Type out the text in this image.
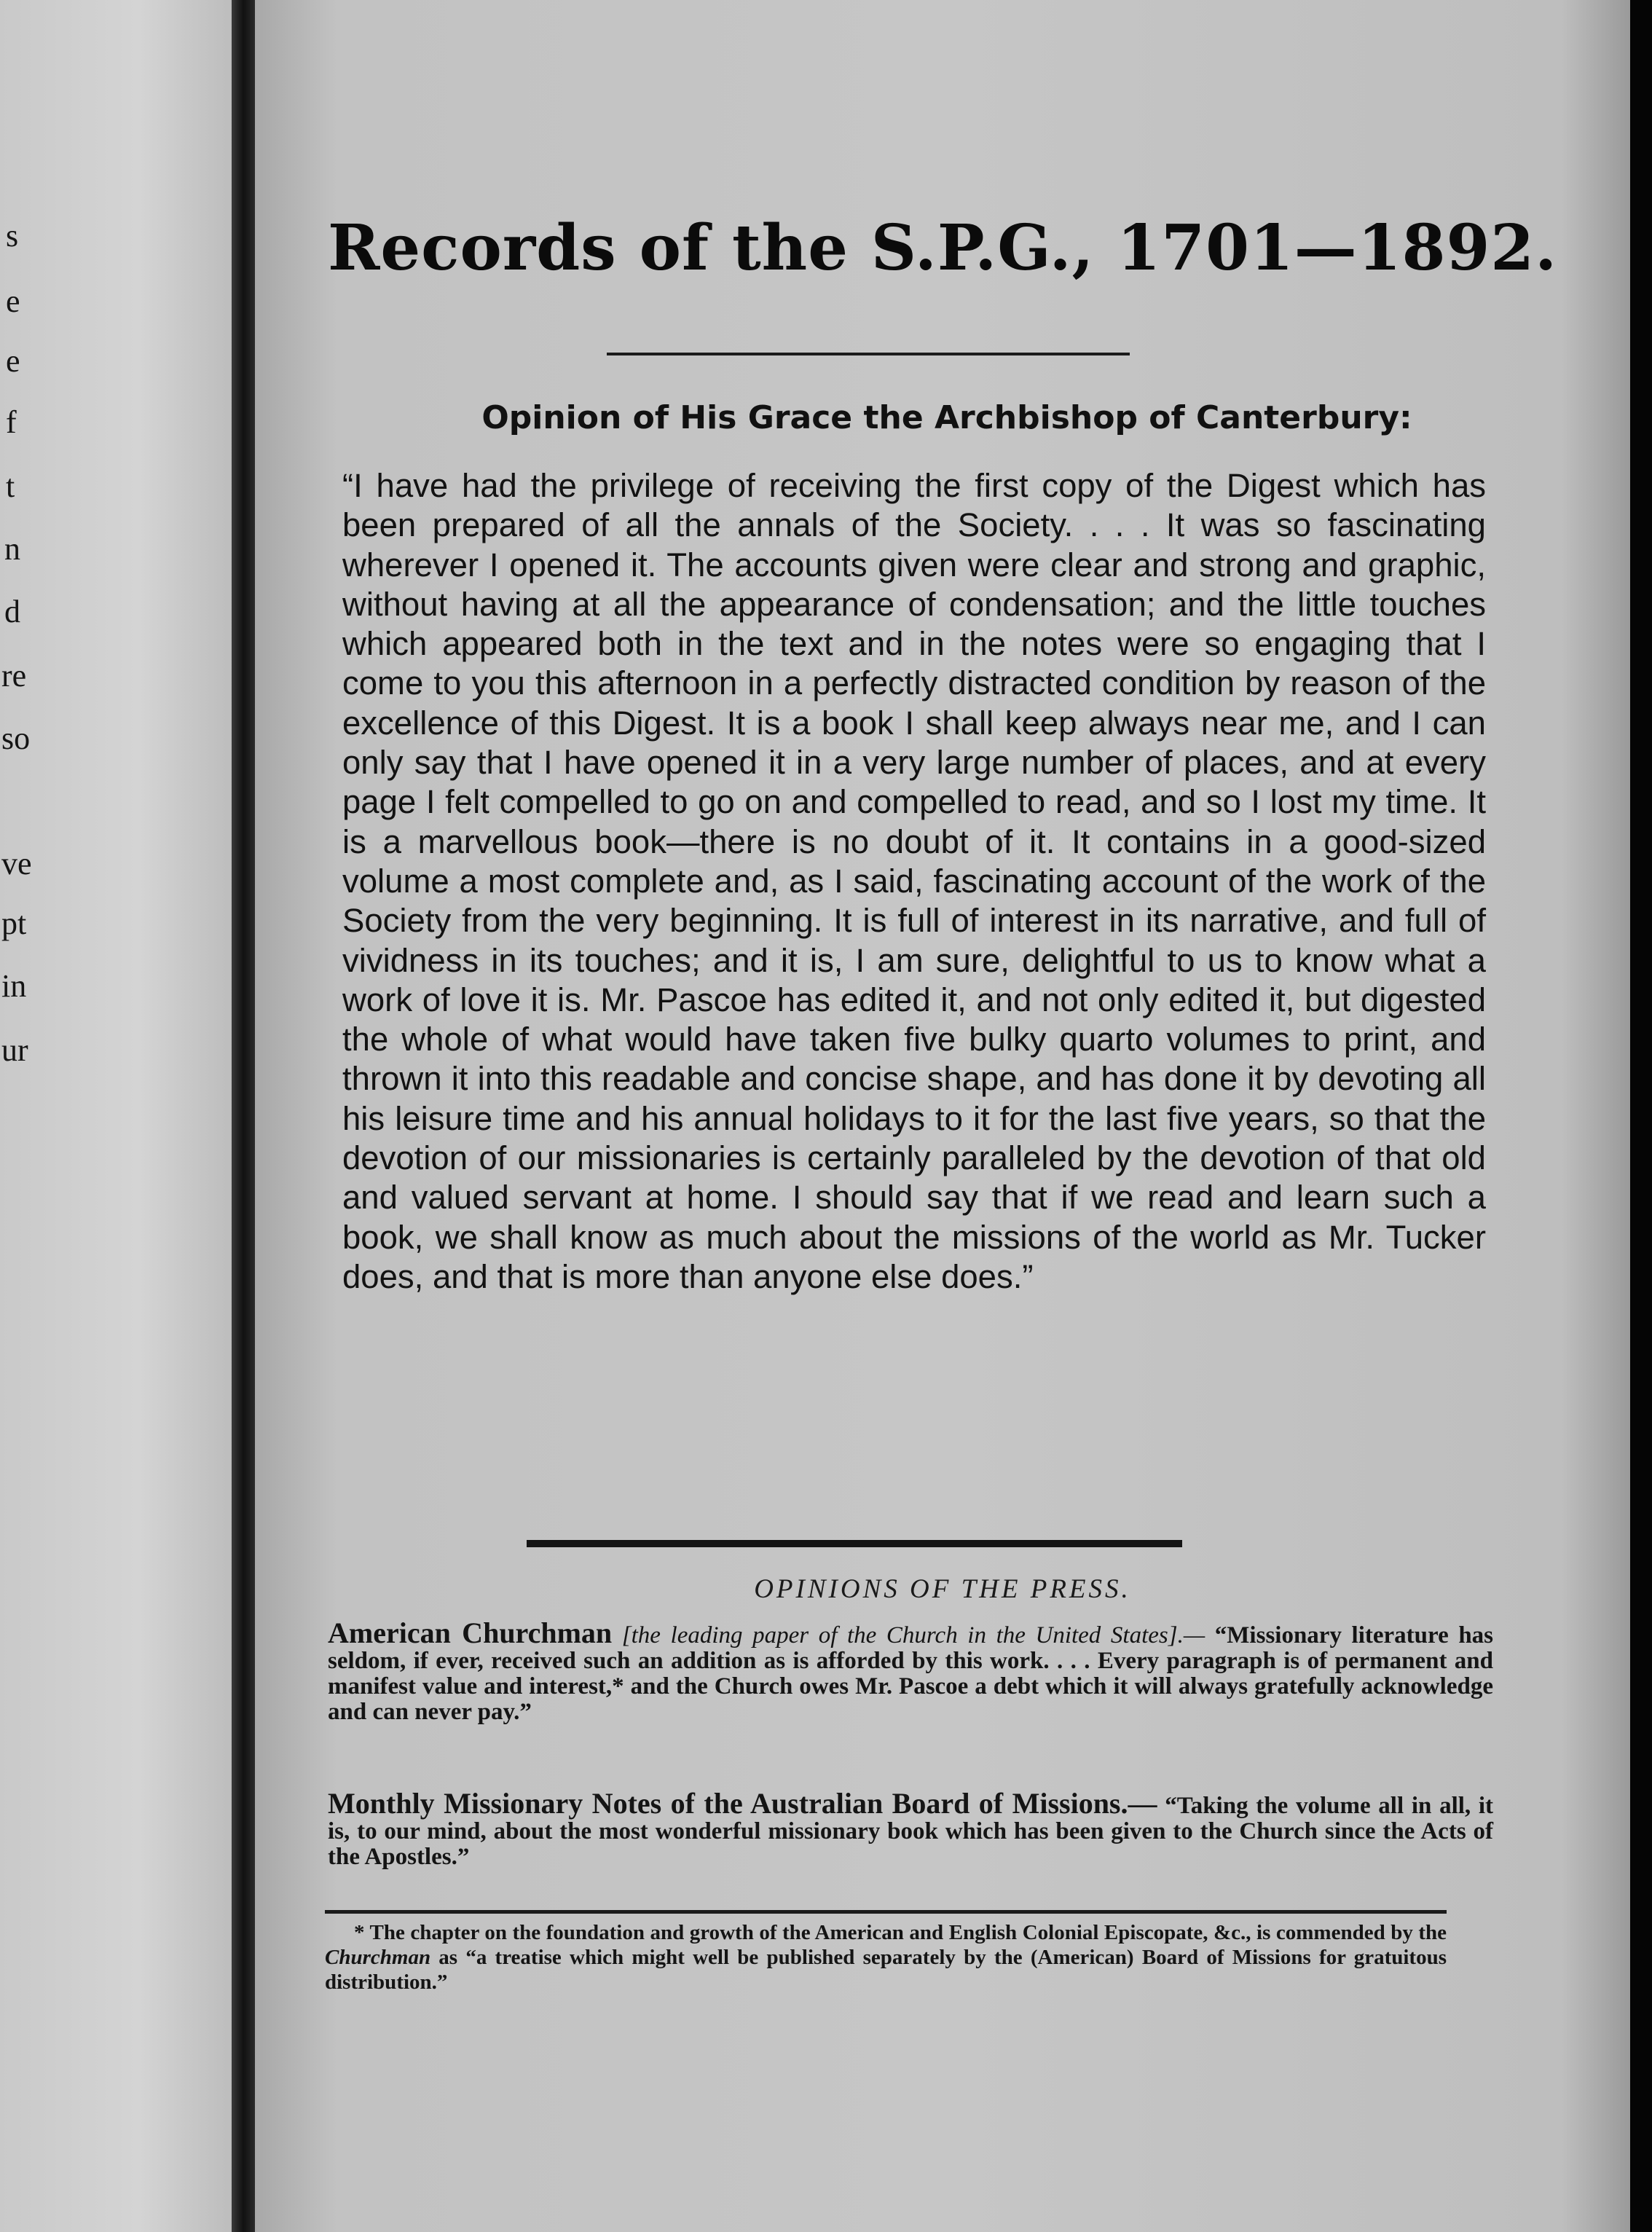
s
e
e
f
t
n
d
re
so
ve
pt
in
ur
Records of the S.P.G., 1701—1892.
Opinion of His Grace the Archbishop of Canterbury:

“I have had the privilege of receiving the first copy of the Digest which has been prepared of all the annals of the Society. . . . It was so fascinating wherever I opened it. The accounts given were clear and strong and graphic, without having at all the appearance of condensation; and the little touches which appeared both in the text and in the notes were so engaging that I come to you this afternoon in a perfectly distracted condition by reason of the excellence of this Digest. It is a book I shall keep always near me, and I can only say that I have opened it in a very large number of places, and at every page I felt compelled to go on and compelled to read, and so I lost my time. It is a marvellous book—there is no doubt of it. It contains in a good-sized volume a most complete and, as I said, fascinating account of the work of the Society from the very beginning. It is full of interest in its narrative, and full of vividness in its touches; and it is, I am sure, delightful to us to know what a work of love it is. Mr. Pascoe has edited it, and not only edited it, but digested the whole of what would have taken five bulky quarto volumes to print, and thrown it into this readable and concise shape, and has done it by devoting all his leisure time and his annual holidays to it for the last five years, so that the devotion of our missionaries is certainly paralleled by the devotion of that old and valued servant at home. I should say that if we read and learn such a book, we shall know as much about the missions of the world as Mr. Tucker does, and that is more than anyone else does.”

OPINIONS OF THE PRESS.
American Churchman [the leading paper of the Church in the United States].— “Missionary literature has seldom, if ever, received such an addition as is afforded by this work. . . . Every paragraph is of permanent and manifest value and interest,* and the Church owes Mr. Pascoe a debt which it will always gratefully acknowledge and can never pay.”
Monthly Missionary Notes of the Australian Board of Missions.— “Taking the volume all in all, it is, to our mind, about the most wonderful missionary book which has been given to the Church since the Acts of the Apostles.”
* The chapter on the foundation and growth of the American and English Colonial Episcopate, &c., is commended by the Churchman as “a treatise which might well be published separately by the (American) Board of Missions for gratuitous distribution.”
